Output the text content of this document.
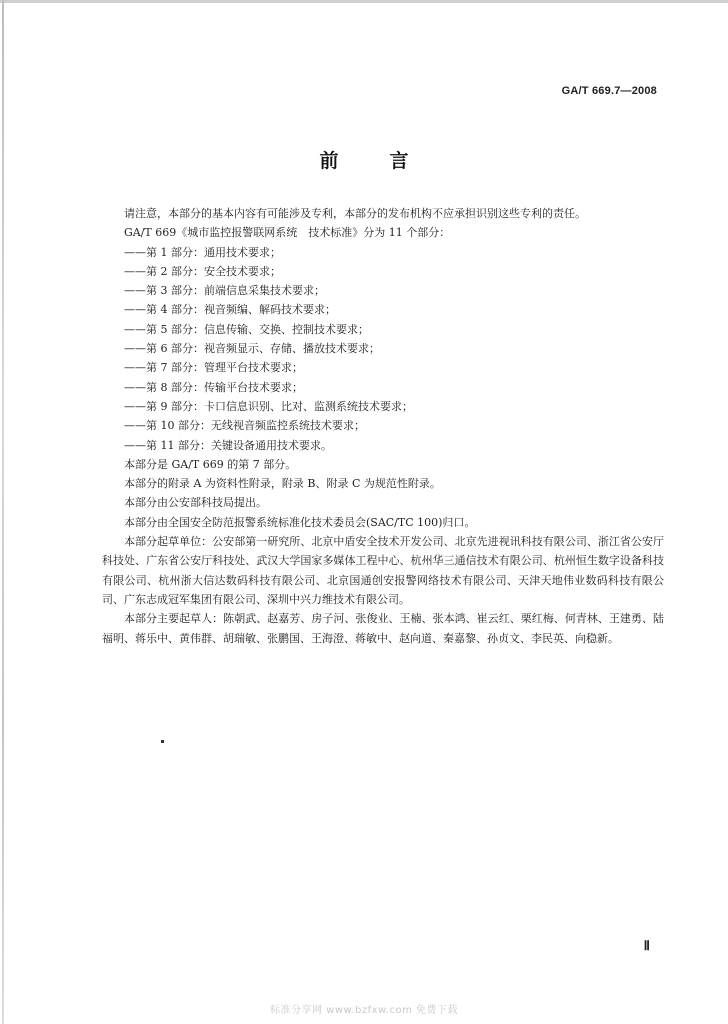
GA/T 669.7—2008
前　言
请注意，本部分的基本内容有可能涉及专利，本部分的发布机构不应承担识别这些专利的责任。
GA/T 669《城市监控报警联网系统　技术标准》分为 11 个部分：
——第 1 部分：通用技术要求；
——第 2 部分：安全技术要求；
——第 3 部分：前端信息采集技术要求；
——第 4 部分：视音频编、解码技术要求；
——第 5 部分：信息传输、交换、控制技术要求；
——第 6 部分：视音频显示、存储、播放技术要求；
——第 7 部分：管理平台技术要求；
——第 8 部分：传输平台技术要求；
——第 9 部分：卡口信息识别、比对、监测系统技术要求；
——第 10 部分：无线视音频监控系统技术要求；
——第 11 部分：关键设备通用技术要求。
本部分是 GA/T 669 的第 7 部分。
本部分的附录 A 为资料性附录，附录 B、附录 C 为规范性附录。
本部分由公安部科技局提出。
本部分由全国安全防范报警系统标准化技术委员会(SAC/TC 100)归口。
本部分起草单位：公安部第一研究所、北京中盾安全技术开发公司、北京先进视讯科技有限公司、浙江省公安厅科技处、广东省公安厅科技处、武汉大学国家多媒体工程中心、杭州华三通信技术有限公司、杭州恒生数字设备科技有限公司、杭州浙大信达数码科技有限公司、北京国通创安报警网络技术有限公司、天津天地伟业数码科技有限公司、广东志成冠军集团有限公司、深圳中兴力维技术有限公司。
本部分主要起草人：陈朝武、赵嘉芳、房子河、张俊业、王楠、张本鸿、崔云红、栗红梅、何青林、王建勇、陆福明、蒋乐中、黄伟群、胡瑞敏、张鹏国、王海澄、蒋敏中、赵向道、秦嘉黎、孙贞文、李民英、向稳新。
Ⅱ
标准分享网 www.bzfxw.com 免费下载
